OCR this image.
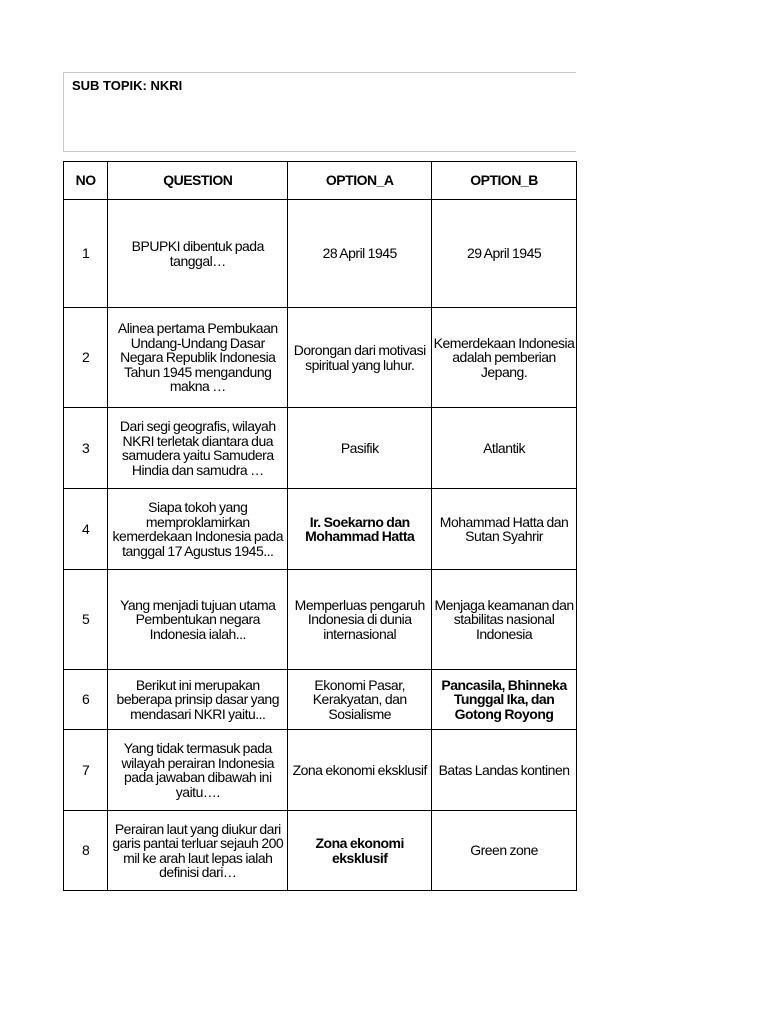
SUB TOPIK: NKRI
NO	QUESTION	OPTION_A	OPTION_B
1	BPUPKI dibentuk pada tanggal…	28 April 1945	29 April 1945
2	Alinea pertama Pembukaan Undang-Undang Dasar Negara Republik Indonesia Tahun 1945 mengandung makna …	Dorongan dari motivasi spiritual yang luhur.	Kemerdekaan Indonesia adalah pemberian Jepang.
3	Dari segi geografis, wilayah NKRI terletak diantara dua samudera yaitu Samudera Hindia dan samudra …	Pasifik	Atlantik
4	Siapa tokoh yang memproklamirkan kemerdekaan Indonesia pada tanggal 17 Agustus 1945...	Ir. Soekarno dan Mohammad Hatta	Mohammad Hatta dan Sutan Syahrir
5	Yang menjadi tujuan utama Pembentukan negara Indonesia ialah...	Memperluas pengaruh Indonesia di dunia internasional	Menjaga keamanan dan stabilitas nasional Indonesia
6	Berikut ini merupakan beberapa prinsip dasar yang mendasari NKRI yaitu...	Ekonomi Pasar, Kerakyatan, dan Sosialisme	Pancasila, Bhinneka Tunggal Ika, dan Gotong Royong
7	Yang tidak termasuk pada wilayah perairan Indonesia pada jawaban dibawah ini yaitu….	Zona ekonomi eksklusif	Batas Landas kontinen
8	Perairan laut yang diukur dari garis pantai terluar sejauh 200 mil ke arah laut lepas ialah definisi dari…	Zona ekonomi eksklusif	Green zone
